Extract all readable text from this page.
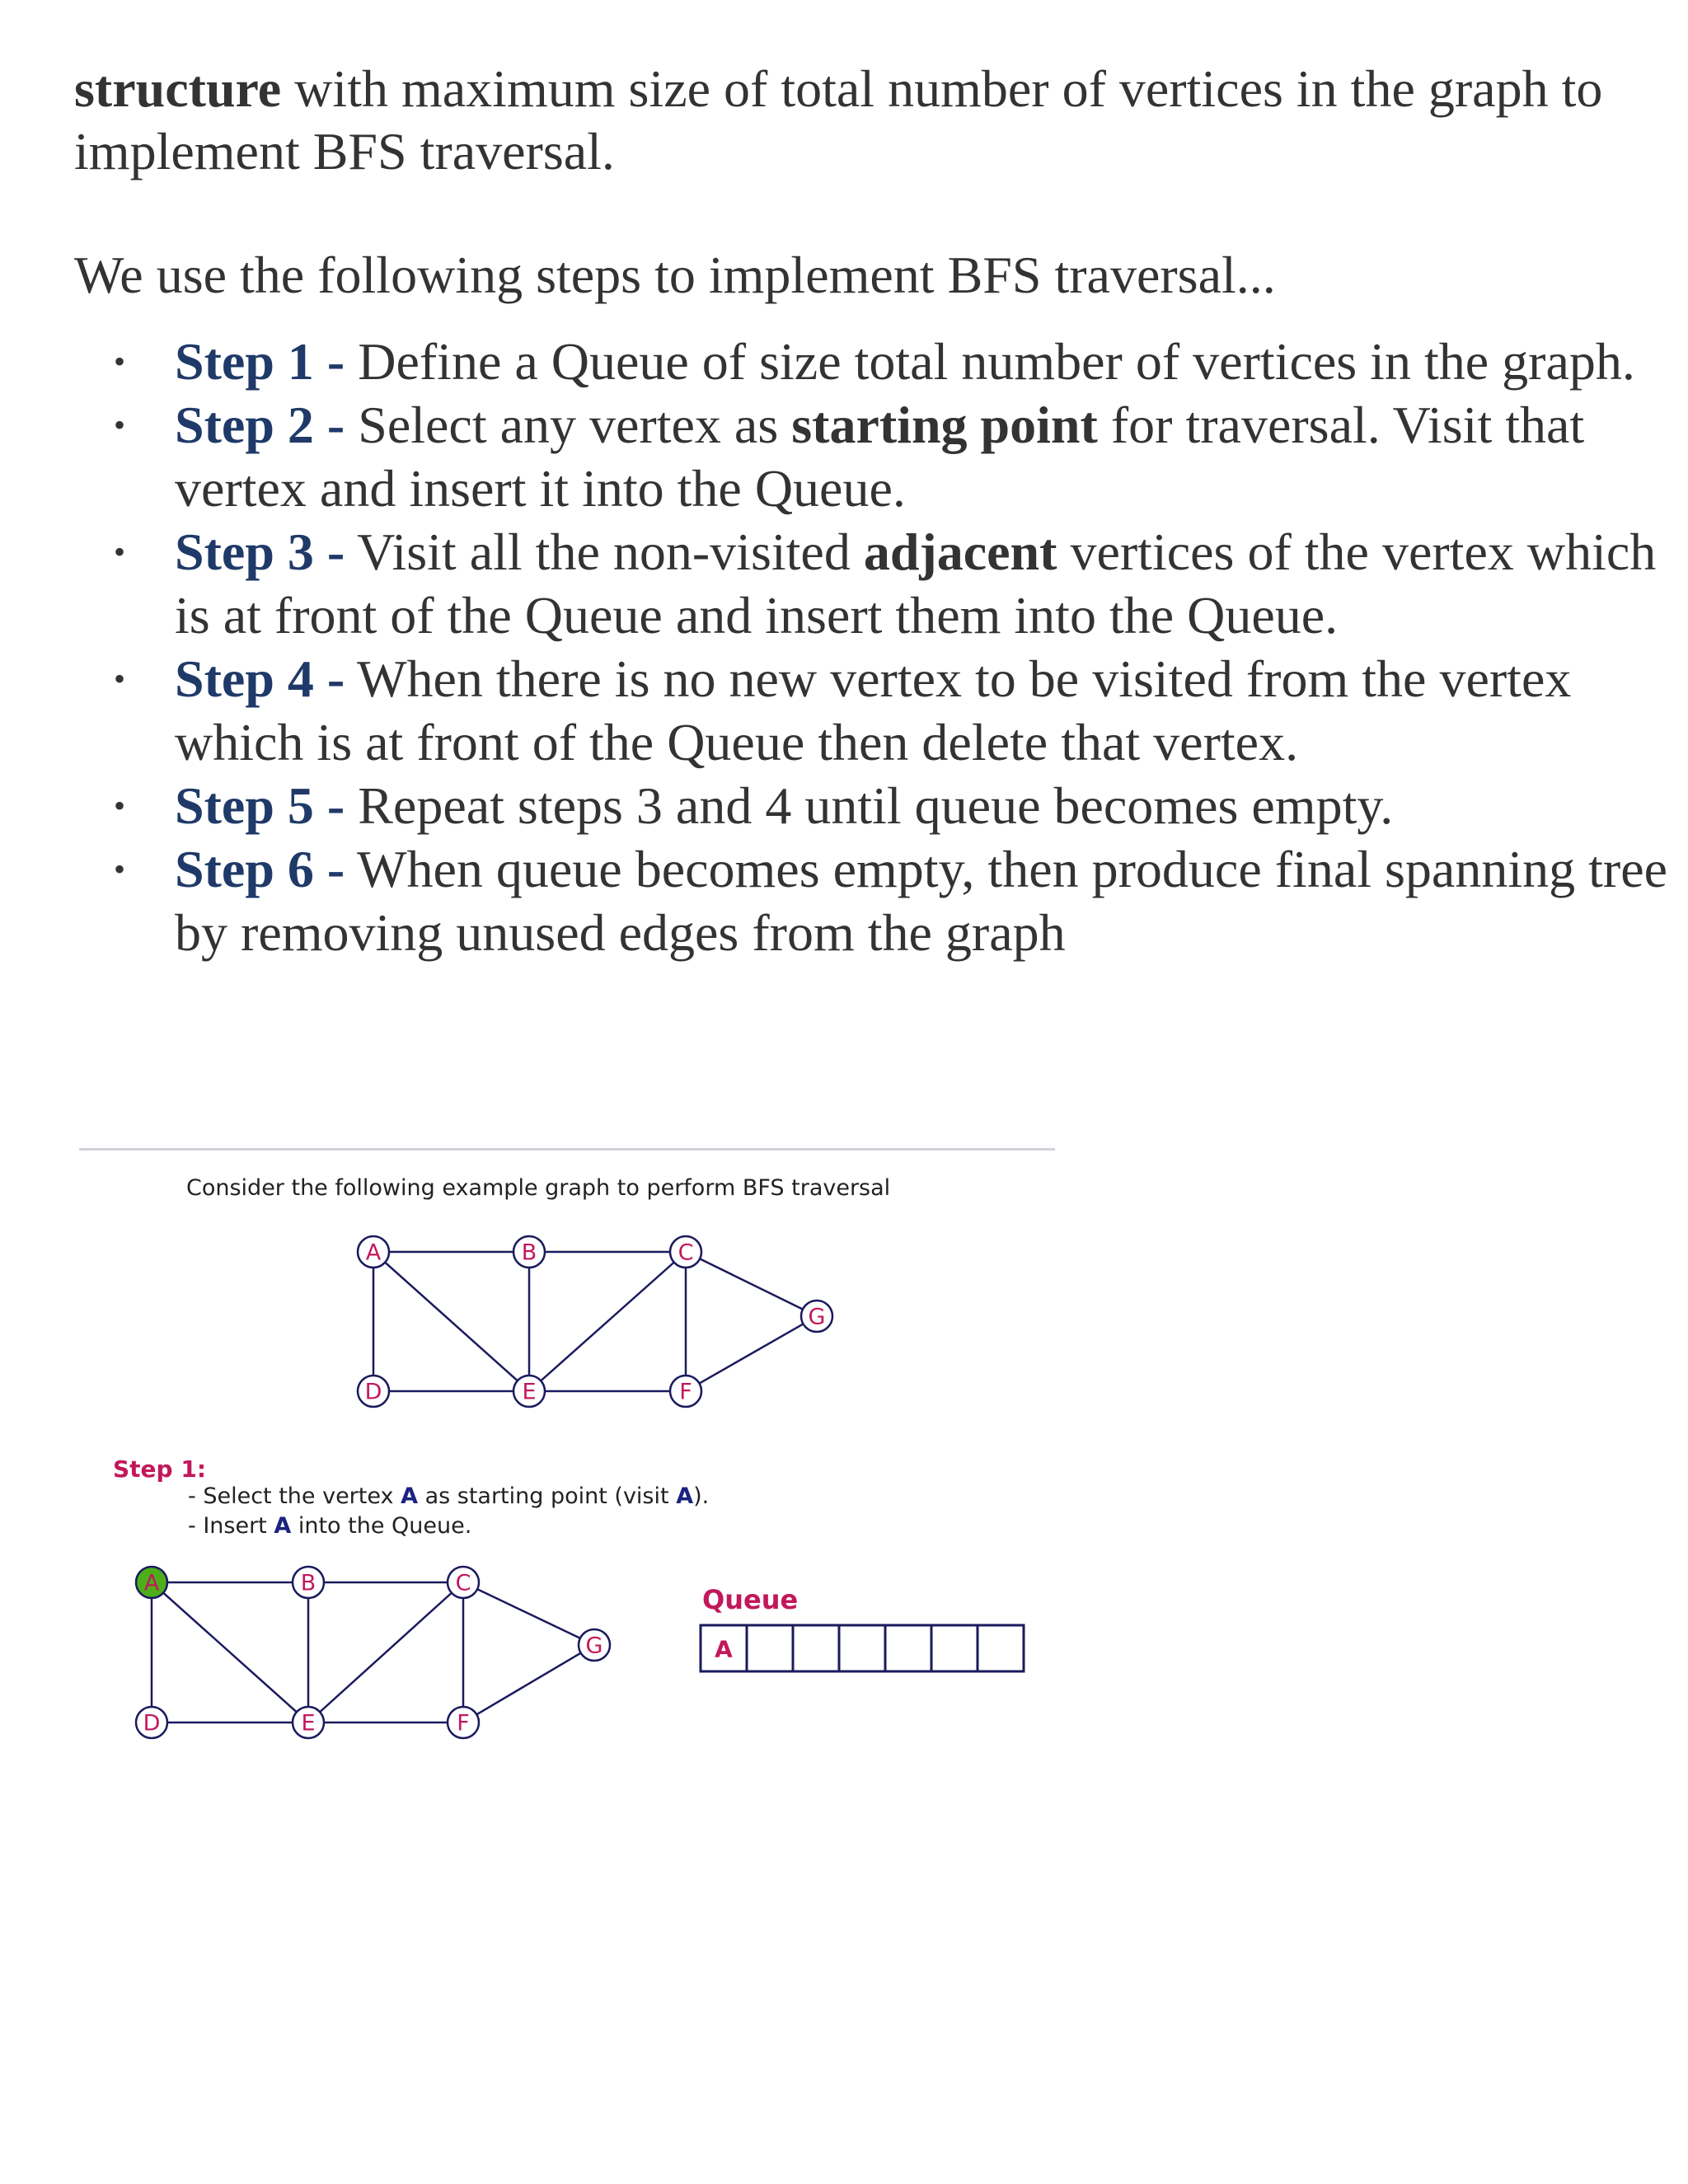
structure with maximum size of total number of vertices in the graph to implement BFS traversal.

We use the following steps to implement BFS traversal...

• Step 1 - Define a Queue of size total number of vertices in the graph.
• Step 2 - Select any vertex as starting point for traversal. Visit that vertex and insert it into the Queue.
• Step 3 - Visit all the non-visited adjacent vertices of the vertex which is at front of the Queue and insert them into the Queue.
• Step 4 - When there is no new vertex to be visited from the vertex which is at front of the Queue then delete that vertex.
• Step 5 - Repeat steps 3 and 4 until queue becomes empty.
• Step 6 - When queue becomes empty, then produce final spanning tree by removing unused edges from the graph
Consider the following example graph to perform BFS traversal
Step 1:
- Select the vertex A as starting point (visit A).
- Insert A into the Queue.
Queue
A	B	C
D	E	F
G
A	B	C
D	E	F
G	A
